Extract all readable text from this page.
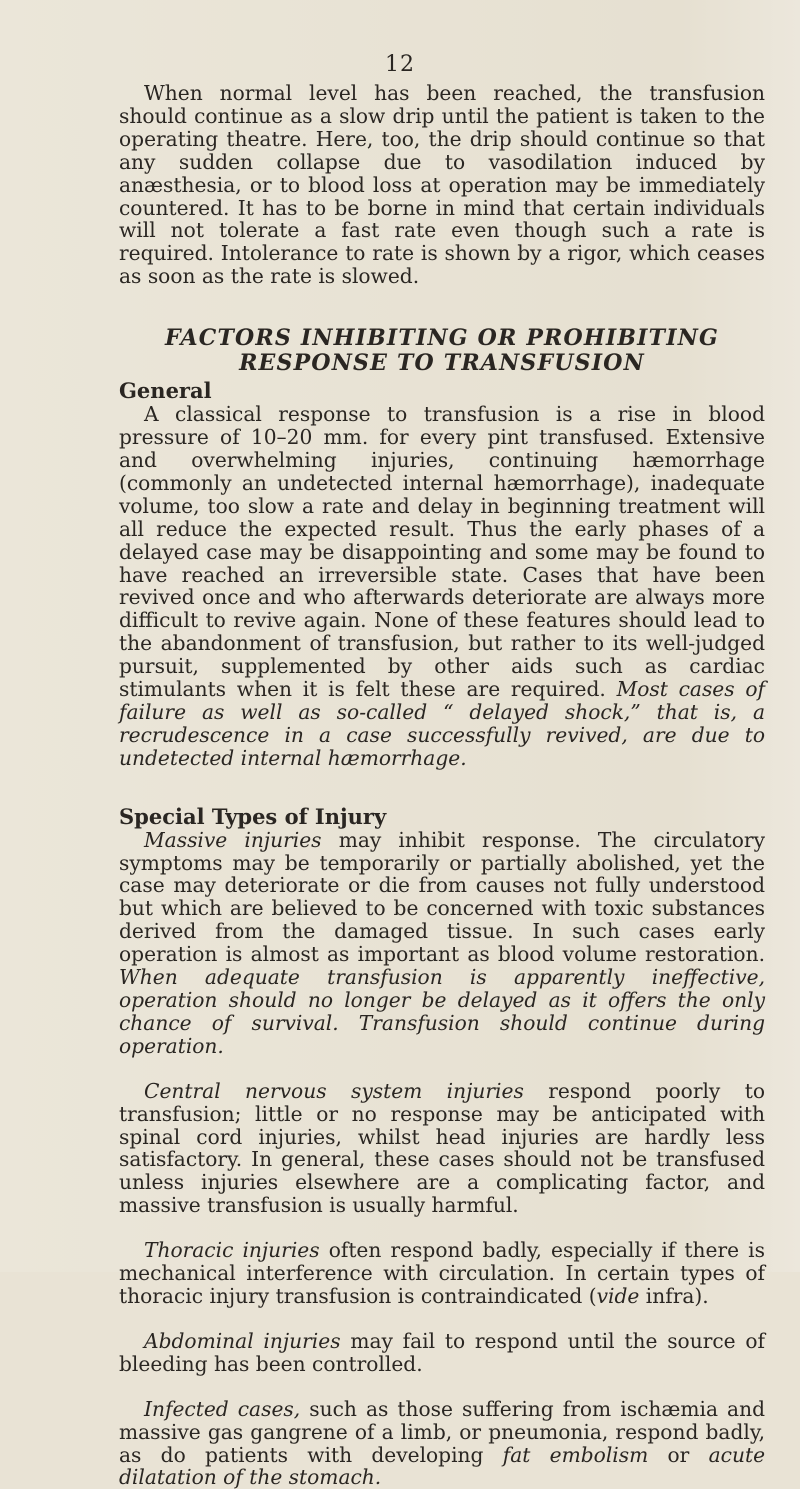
12

When normal level has been reached, the transfusion should continue as a slow drip until the patient is taken to the operating theatre. Here, too, the drip should continue so that any sudden collapse due to vasodilation induced by anæsthesia, or to blood loss at operation may be immediately countered. It has to be borne in mind that certain individuals will not tolerate a fast rate even though such a rate is required. Intolerance to rate is shown by a rigor, which ceases as soon as the rate is slowed.

FACTORS INHIBITING OR PROHIBITING RESPONSE TO TRANSFUSION

General

A classical response to transfusion is a rise in blood pressure of 10–20 mm. for every pint transfused. Extensive and overwhelming injuries, continuing hæmorrhage (commonly an undetected internal hæmorrhage), inadequate volume, too slow a rate and delay in beginning treatment will all reduce the expected result. Thus the early phases of a delayed case may be disappointing and some may be found to have reached an irreversible state. Cases that have been revived once and who afterwards deteriorate are always more difficult to revive again. None of these features should lead to the abandonment of transfusion, but rather to its well-judged pursuit, supplemented by other aids such as cardiac stimulants when it is felt these are required. Most cases of failure as well as so-called “ delayed shock,” that is, a recrudescence in a case successfully revived, are due to undetected internal hæmorrhage.

Special Types of Injury

Massive injuries may inhibit response. The circulatory symptoms may be temporarily or partially abolished, yet the case may deteriorate or die from causes not fully understood but which are believed to be concerned with toxic substances derived from the damaged tissue. In such cases early operation is almost as important as blood volume restoration. When adequate transfusion is apparently ineffective, operation should no longer be delayed as it offers the only chance of survival. Transfusion should continue during operation.

Central nervous system injuries respond poorly to transfusion; little or no response may be anticipated with spinal cord injuries, whilst head injuries are hardly less satisfactory. In general, these cases should not be transfused unless injuries elsewhere are a complicating factor, and massive transfusion is usually harmful.

Thoracic injuries often respond badly, especially if there is mechanical interference with circulation. In certain types of thoracic injury transfusion is contraindicated (vide infra).

Abdominal injuries may fail to respond until the source of bleeding has been controlled.

Infected cases, such as those suffering from ischæmia and massive gas gangrene of a limb, or pneumonia, respond badly, as do patients with developing fat embolism or acute dilatation of the stomach.
